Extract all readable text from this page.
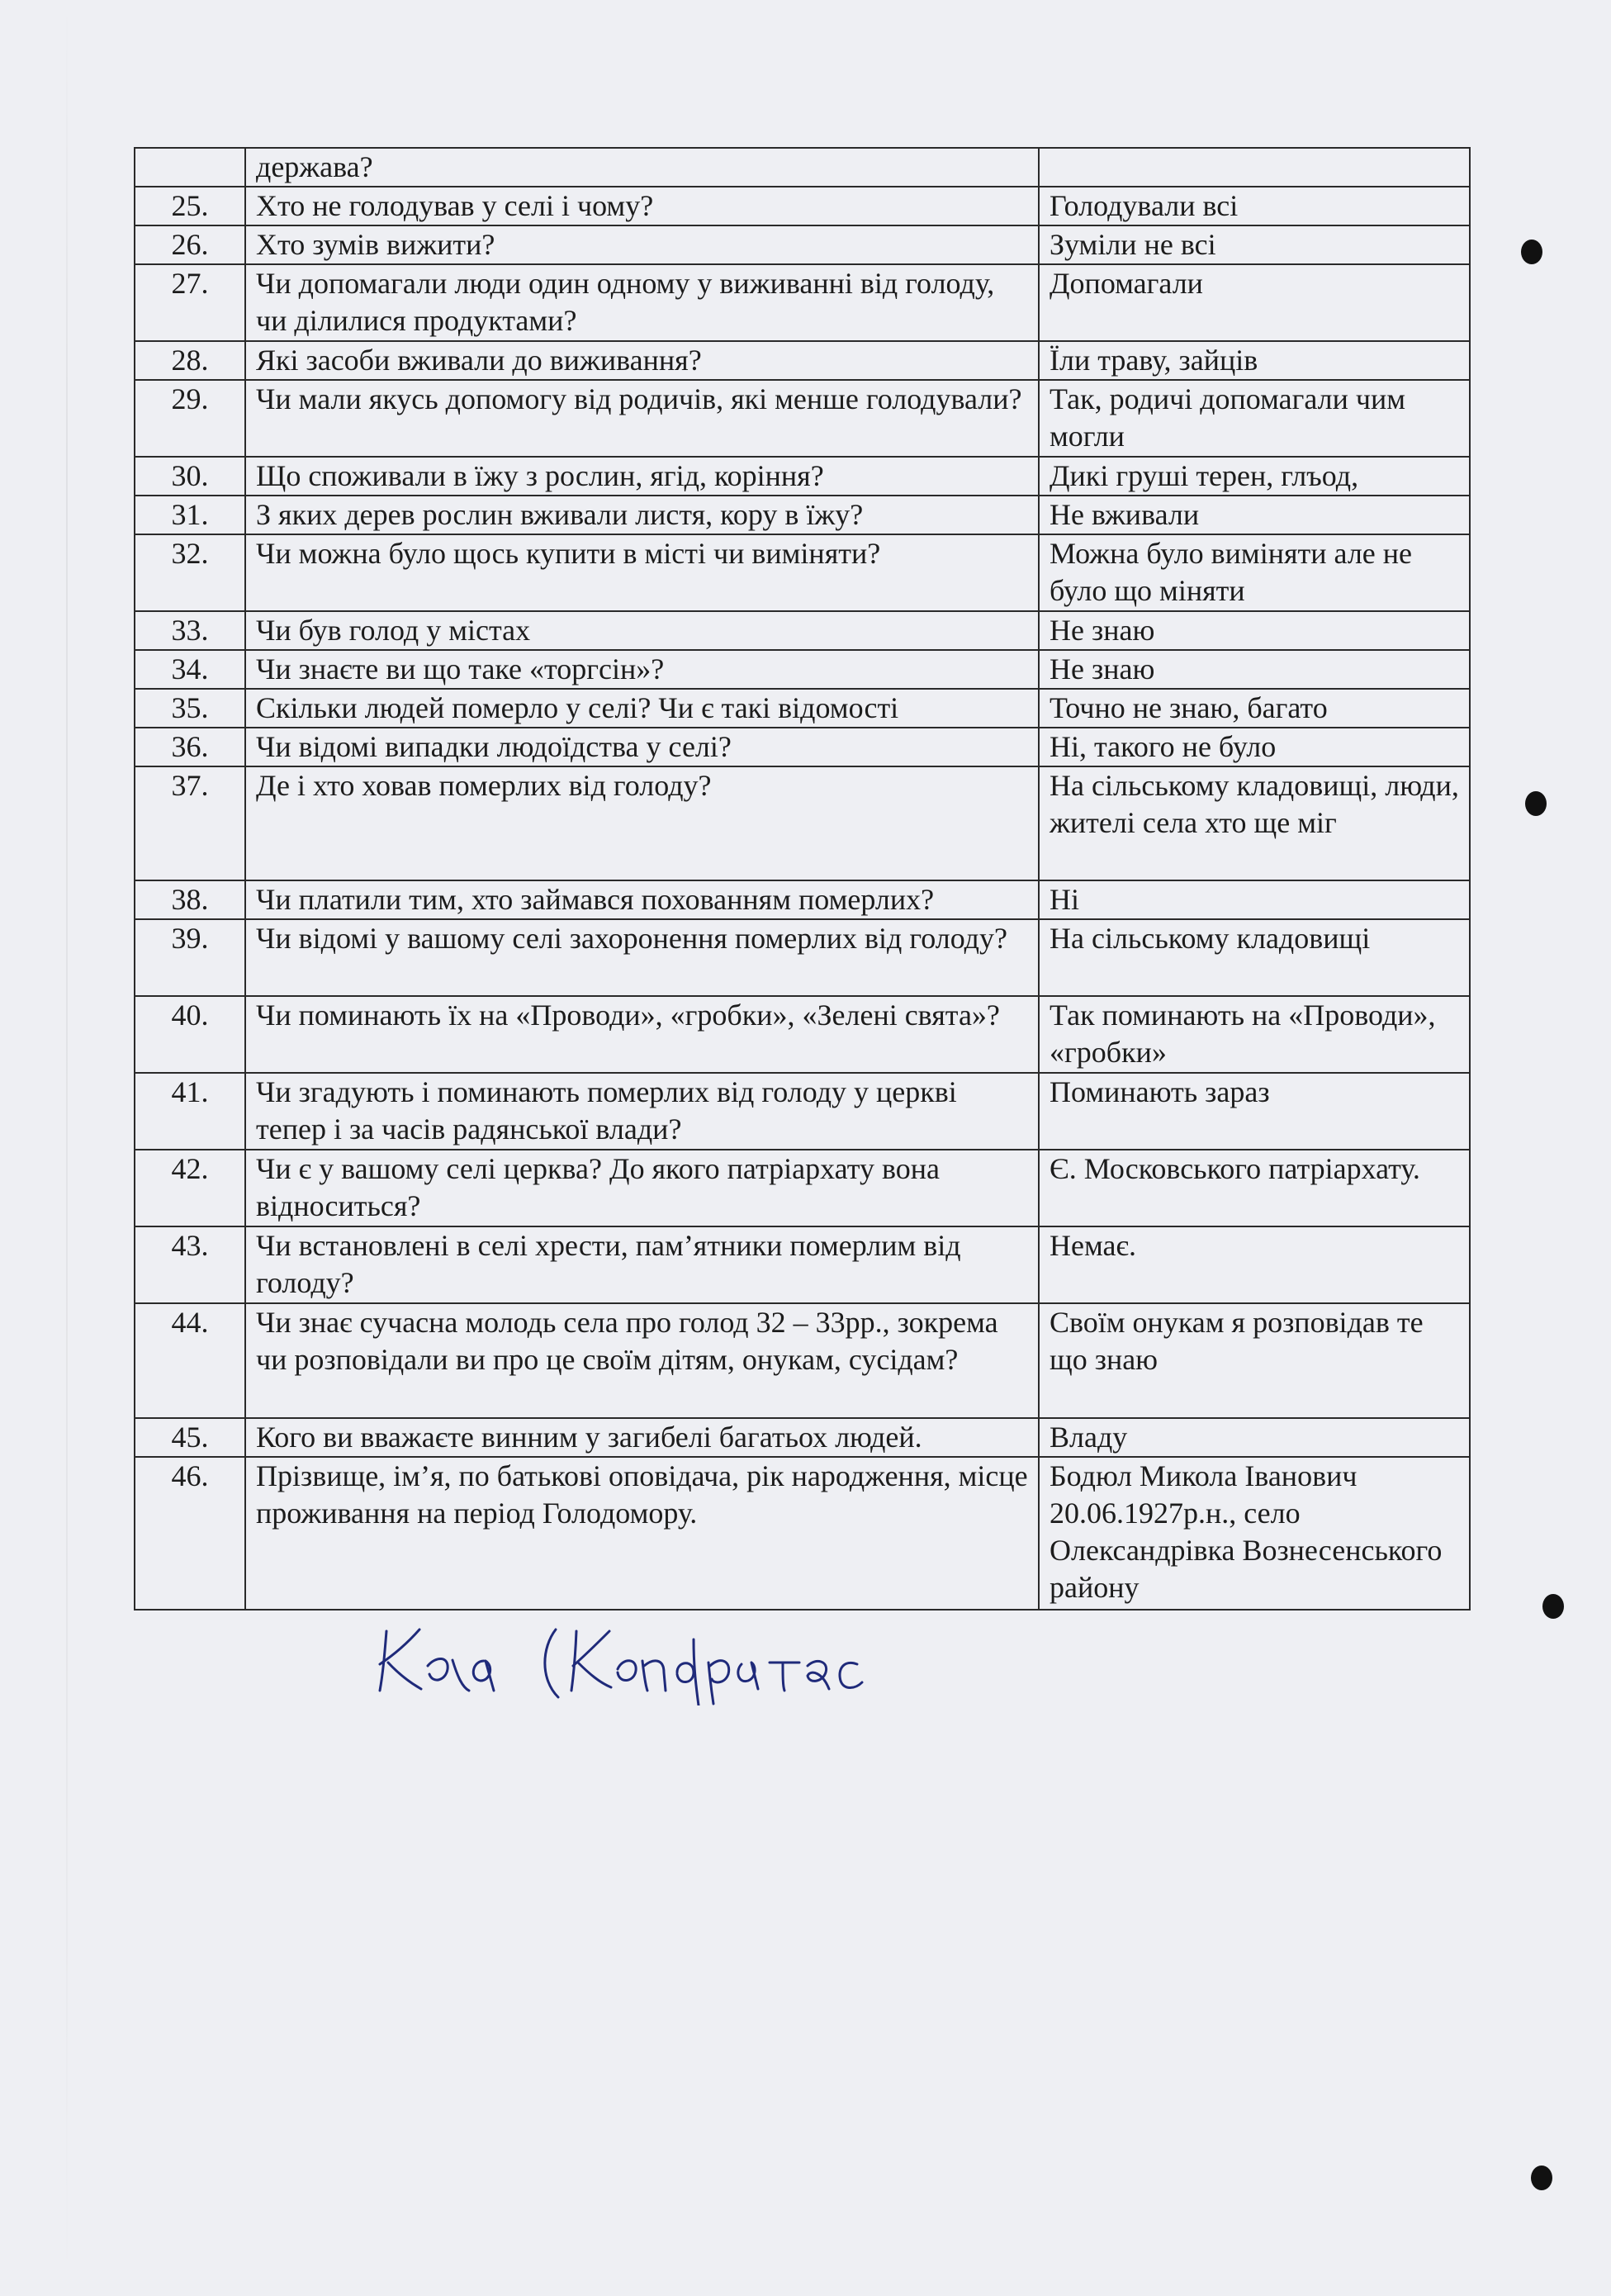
	держава?	
25.	Хто не голодував у селі і чому?	Голодували всі
26.	Хто зумів вижити?	Зуміли не всі
27.	Чи допомагали люди один одному у виживанні від голоду, чи ділилися продуктами?	Допомагали
28.	Які засоби вживали до виживання?	Їли траву, зайців
29.	Чи мали якусь допомогу від родичів, які менше голодували?	Так, родичі допомагали чим могли
30.	Що споживали в їжу з рослин, ягід, коріння?	Дикі груші терен, глъод,
31.	З яких дерев рослин вживали листя, кору в їжу?	Не вживали
32.	Чи можна було щось купити в місті чи виміняти?	Можна було виміняти але не було що міняти
33.	Чи був голод у містах	Не знаю
34.	Чи знаєте ви що таке «торгсін»?	Не знаю
35.	Скільки людей померло у селі? Чи є такі відомості	Точно не знаю, багато
36.	Чи відомі випадки людоїдства у селі?	Ні, такого не було
37.	Де і хто ховав померлих від голоду?	На сільському кладовищі, люди, жителі села хто ще міг
38.	Чи платили тим, хто займався похованням померлих?	Ні
39.	Чи відомі у вашому селі захоронення померлих від голоду?	На сільському кладовищі
40.	Чи поминають їх на «Проводи», «гробки», «Зелені свята»?	Так поминають на «Проводи», «гробки»
41.	Чи згадують і поминають померлих від голоду у церкві тепер і за часів радянської влади?	Поминають зараз
42.	Чи є у вашому селі церква? До якого патріархату вона відноситься?	Є. Московського патріархату.
43.	Чи встановлені в селі хрести, пам’ятники померлим від голоду?	Немає.
44.	Чи знає сучасна молодь села про голод 32 – 33рр., зокрема чи розповідали ви про це своїм дітям, онукам, сусідам?	Своїм онукам я розповідав те що знаю
45.	Кого ви вважаєте винним у загибелі багатьох людей.	Владу
46.	Прізвище, ім’я, по батькові оповідача, рік народження, місце проживання на період Голодомору.	Бодюл Микола Іванович 20.06.1927р.н., село Олександрівка Вознесенського району
